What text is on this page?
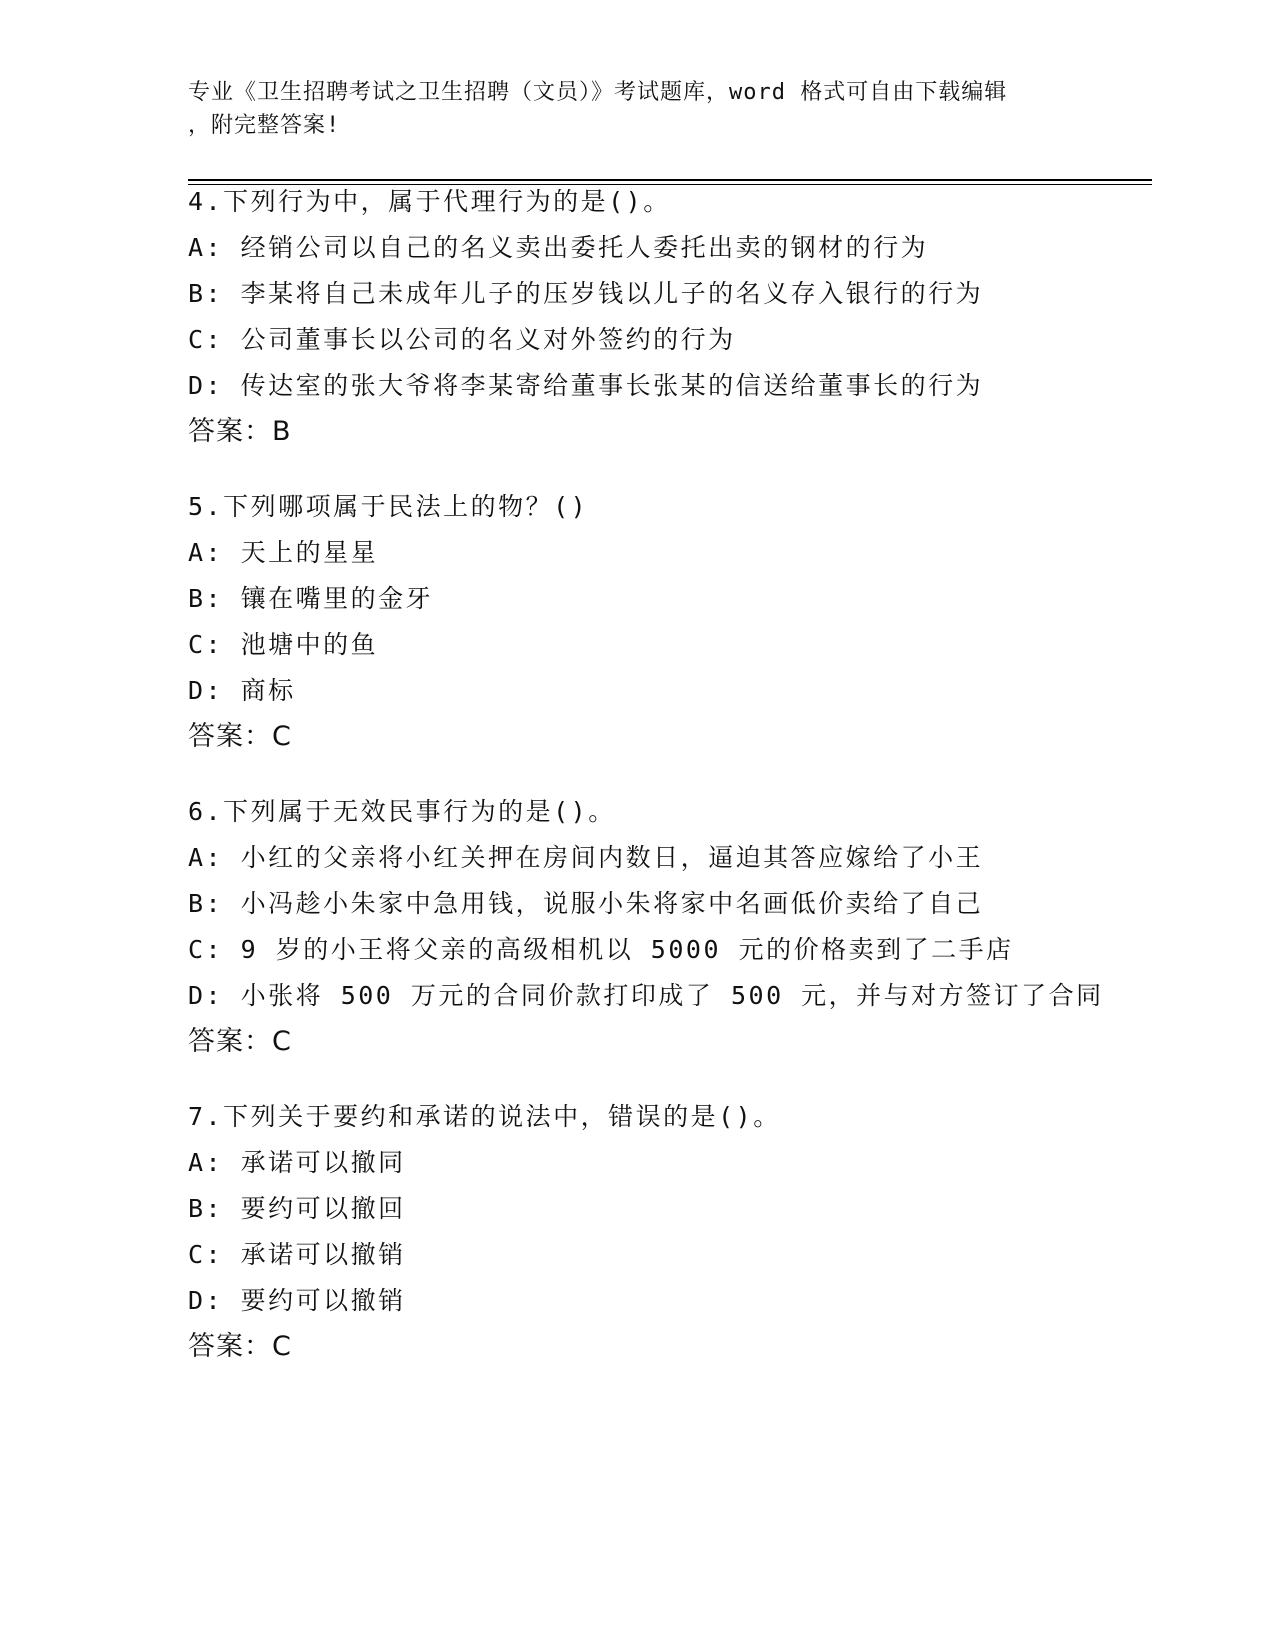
专业《卫生招聘考试之卫生招聘（文员）》考试题库，word 格式可自由下载编辑
，附完整答案!
4.下列行为中，属于代理行为的是()。
A: 经销公司以自己的名义卖出委托人委托出卖的钢材的行为
B: 李某将自己未成年儿子的压岁钱以儿子的名义存入银行的行为
C: 公司董事长以公司的名义对外签约的行为
D: 传达室的张大爷将李某寄给董事长张某的信送给董事长的行为
答案：B
5.下列哪项属于民法上的物？()
A: 天上的星星
B: 镶在嘴里的金牙
C: 池塘中的鱼
D: 商标
答案：C
6.下列属于无效民事行为的是()。
A: 小红的父亲将小红关押在房间内数日，逼迫其答应嫁给了小王
B: 小冯趁小朱家中急用钱，说服小朱将家中名画低价卖给了自己
C: 9 岁的小王将父亲的高级相机以 5000 元的价格卖到了二手店
D: 小张将 500 万元的合同价款打印成了 500 元，并与对方签订了合同
答案：C
7.下列关于要约和承诺的说法中，错误的是()。
A: 承诺可以撤同
B: 要约可以撤回
C: 承诺可以撤销
D: 要约可以撤销
答案：C
